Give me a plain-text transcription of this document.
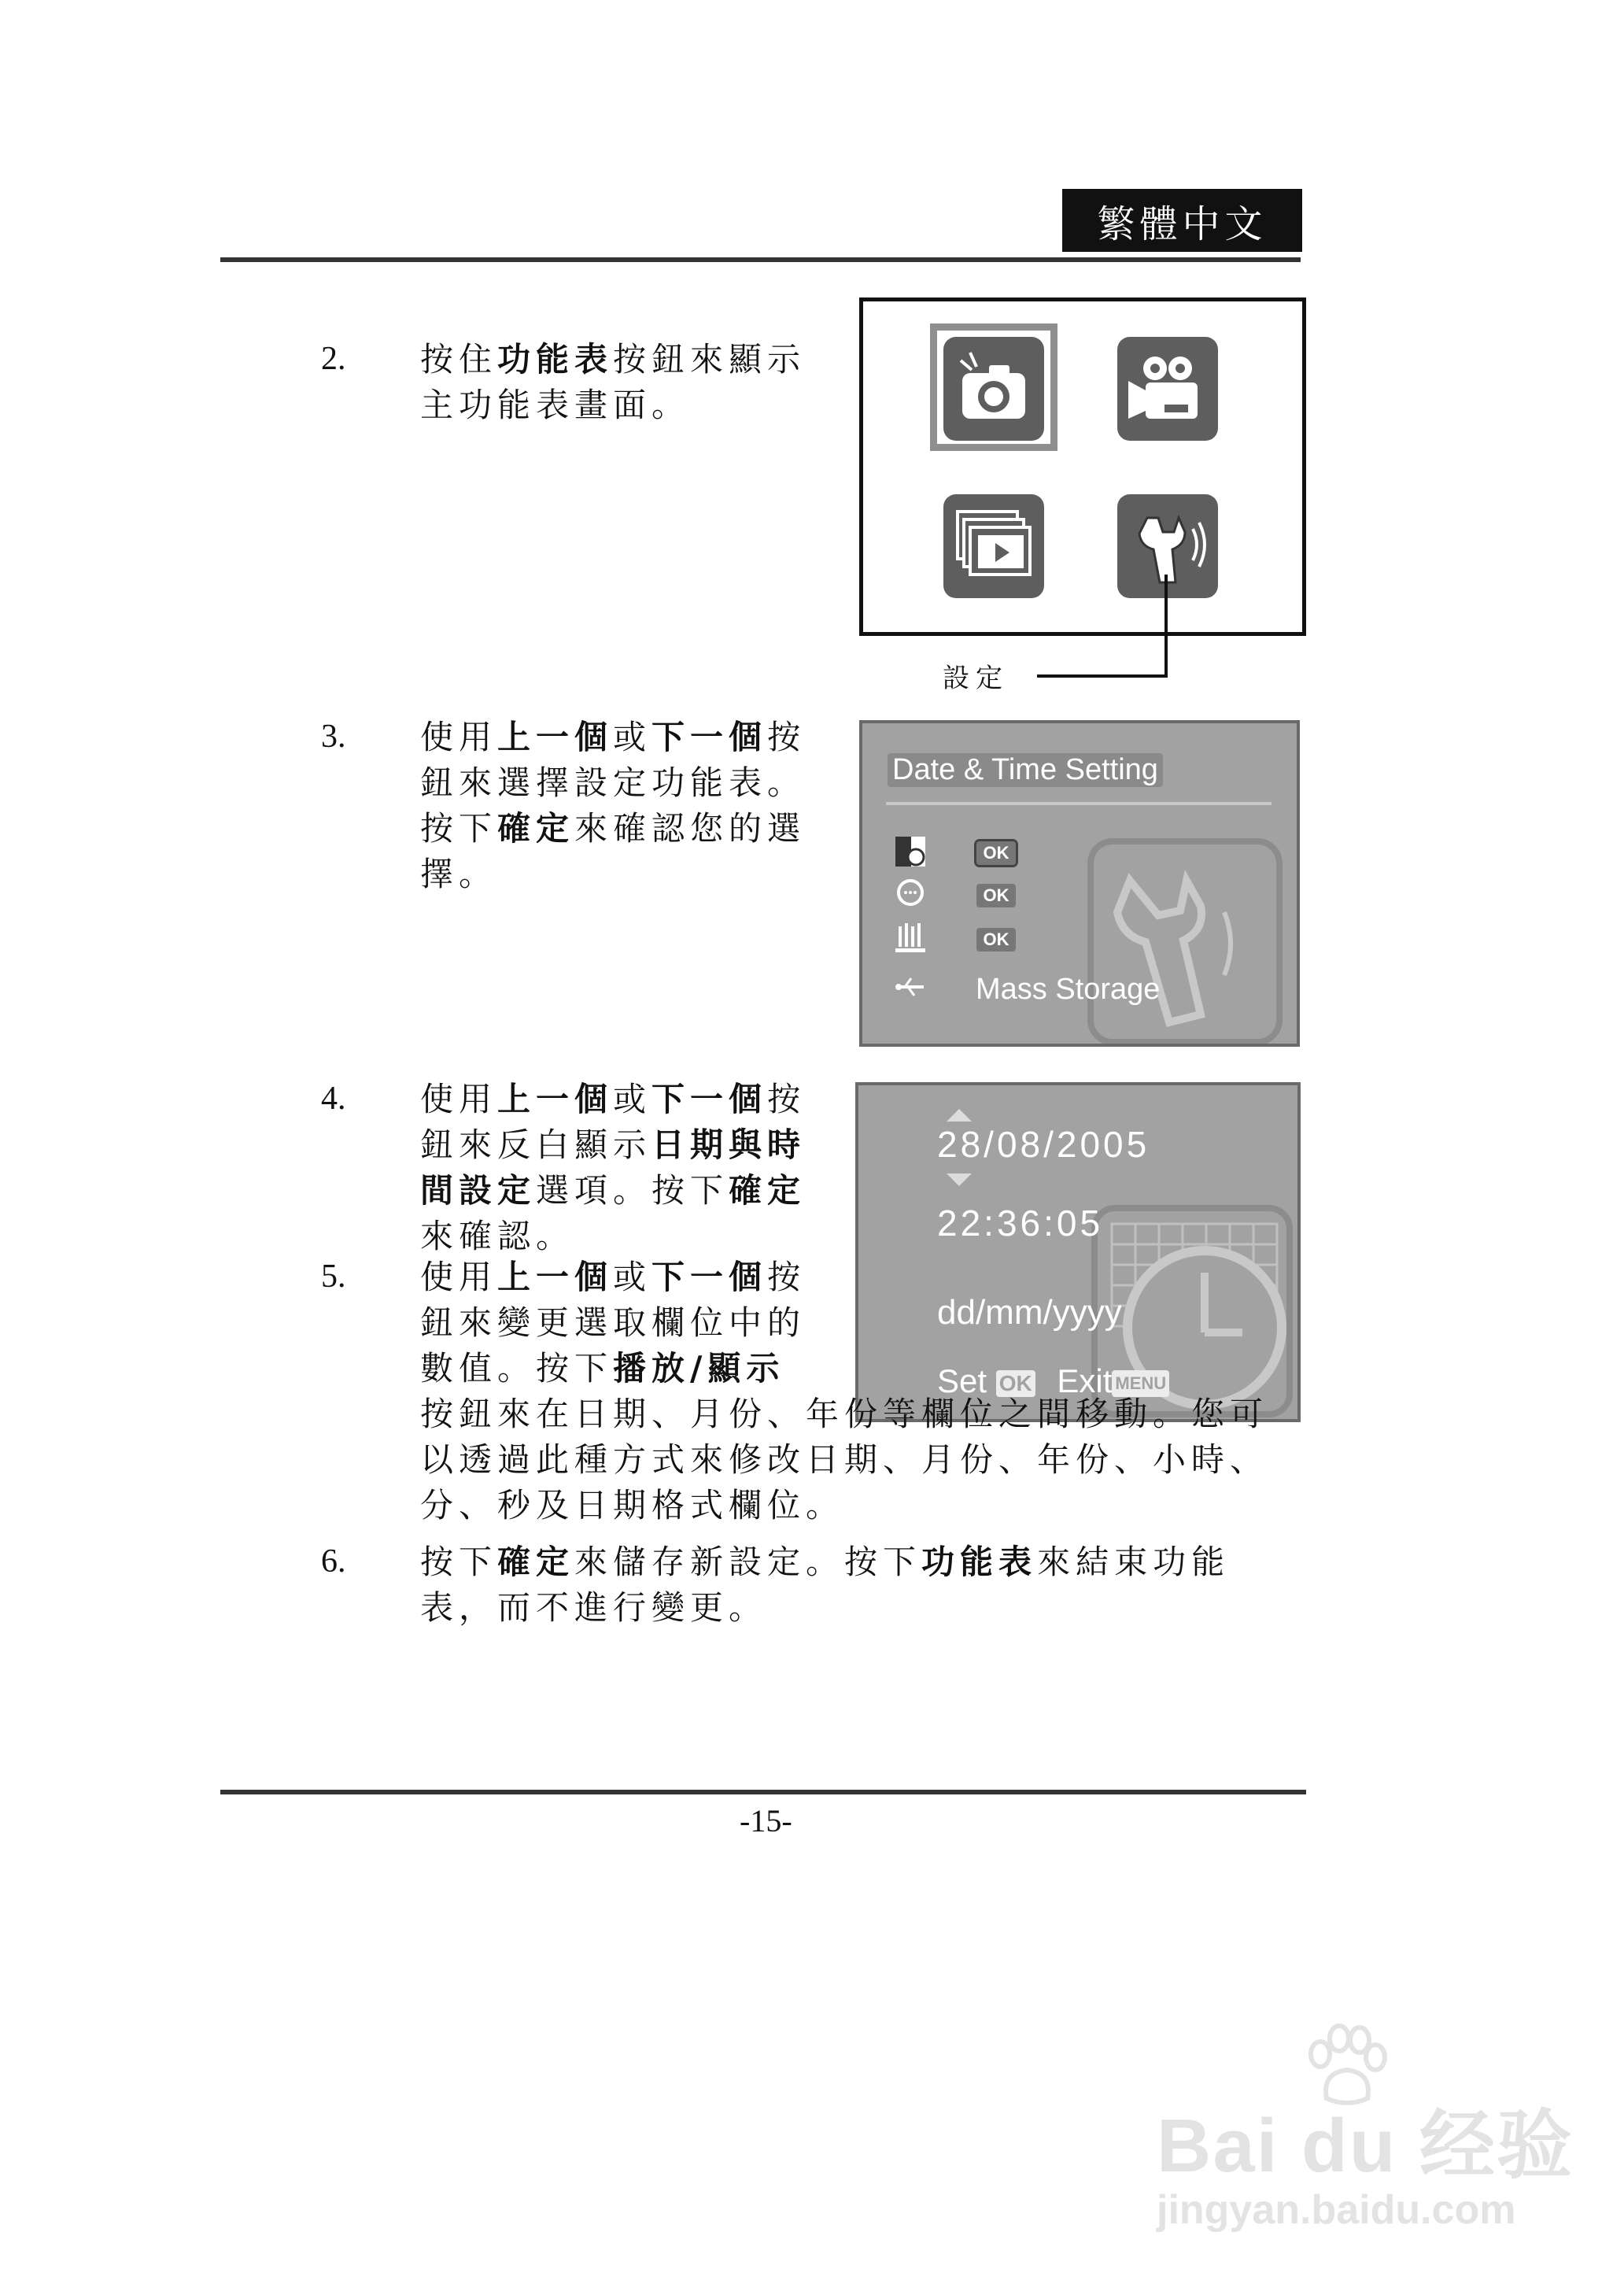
繁體中文
2. 按住功能表按鈕來顯示主功能表畫面。
設定
3. 使用上一個或下一個按鈕來選擇設定功能表。按下確定來確認您的選擇。
Date & Time Setting
OK
OK
OK
Mass Storage
4. 使用上一個或下一個按鈕來反白顯示日期與時間設定選項。按下確定來確認。
28/08/2005
22:36:05
dd/mm/yyyy
Set OK Exit MENU
5. 使用上一個或下一個按鈕來變更選取欄位中的數值。按下播放/顯示
按鈕來在日期、月份、年份等欄位之間移動。您可以透過此種方式來修改日期、月份、年份、小時、分、秒及日期格式欄位。
6. 按下確定來儲存新設定。按下功能表來結束功能表，而不進行變更。
-15-
Bai du 经验
jingyan.baidu.com
